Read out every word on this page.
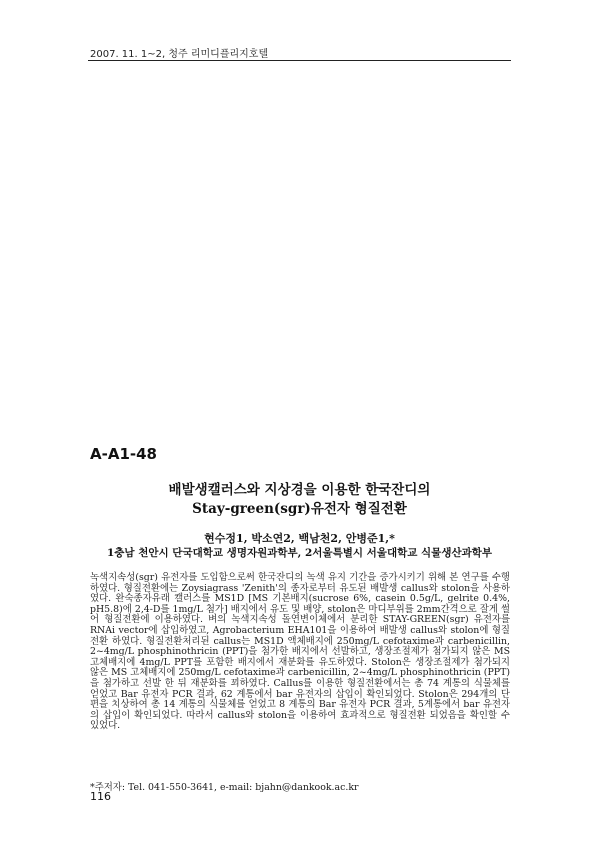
2007. 11. 1~2, 청주 리미디플리지호텔
A-A1-48
배발생캘러스와 지상경을 이용한 한국잔디의
Stay-green(sgr)유전자 형질전환
현수정1, 박소연2, 백남천2, 안병준1,*
1충남 천안시 단국대학교 생명자원과학부, 2서울특별시 서울대학교 식물생산과학부

녹색지속성(sgr) 유전자를 도입함으로써 한국잔디의 녹색 유지 기간을 증가시키기 위해 본 연구를 수행하였다. 형질전환에는 Zoysiagrass 'Zenith'의 종자로부터 유도된 배발생 callus와 stolon을 사용하였다. 완숙종자유래 캘러스를 MS1D [MS 기본배지(sucrose 6%, casein 0.5g/L, gelrite 0.4%, pH5.8)에 2,4-D를 1mg/L 첨가] 배지에서 유도 및 배양, stolon은 마디부위를 2mm간격으로 잘게 썰어 형질전환에 이용하였다. 벼의 녹색지속성 돌연변이체에서 분리한 STAY-GREEN(sgr) 유전자를 RNAi vector에 삽입하였고, Agrobacterium EHA101을 이용하여 배발생 callus와 stolon에 형질전환 하였다. 형질전환처리된 callus는 MS1D 액체배지에 250mg/L cefotaxime과 carbenicillin, 2~4mg/L phosphinothricin (PPT)을 첨가한 배지에서 선발하고, 생장조절제가 첨가되지 않은 MS 고체배지에 4mg/L PPT를 포함한 배지에서 재분화를 유도하였다. Stolon은 생장조절제가 첨가되지 않은 MS 고체배지에 250mg/L cefotaxime과 carbenicillin, 2~4mg/L phosphinothricin (PPT)을 첨가하고 선발 한 뒤 재분화를 꾀하였다. Callus를 이용한 형질전환에서는 총 74 계통의 식물체를 얻었고 Bar 유전자 PCR 결과, 62 계통에서 bar 유전자의 삽입이 확인되었다. Stolon은 294개의 단편을 치상하여 총 14 계통의 식물체를 얻었고 8 계통의 Bar 유전자 PCR 결과, 5계통에서 bar 유전자의 삽입이 확인되었다. 따라서 callus와 stolon을 이용하여 효과적으로 형질전환 되었음을 확인할 수 있었다.

*주저자: Tel. 041-550-3641, e-mail: bjahn@dankook.ac.kr
116
